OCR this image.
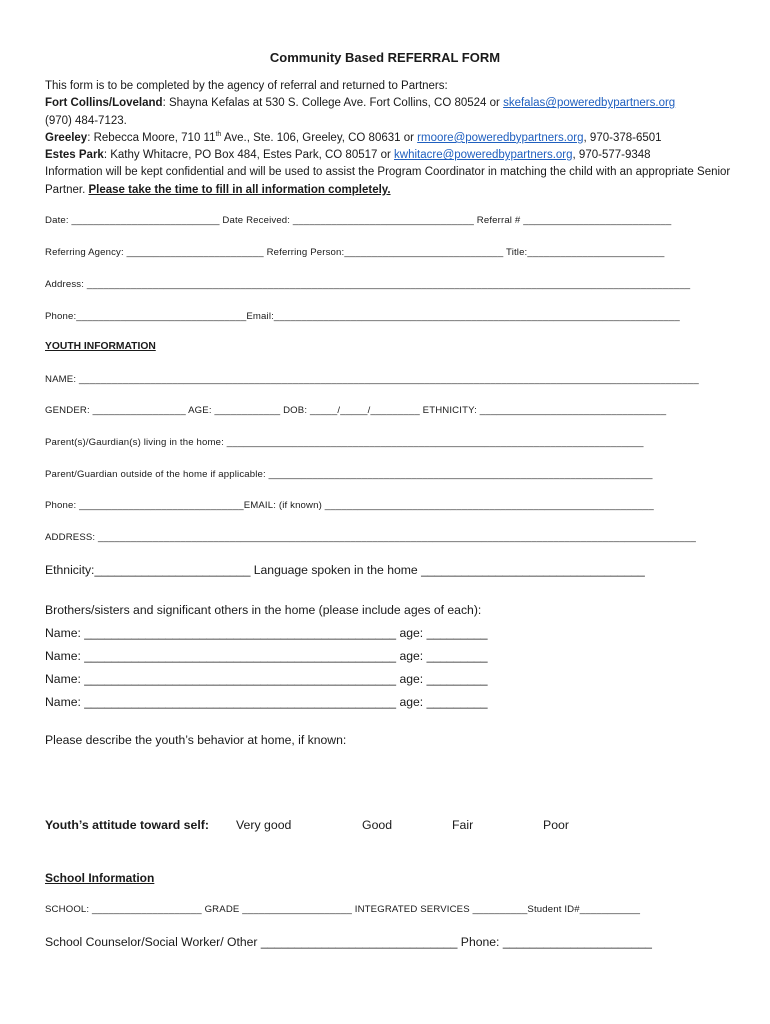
Community Based REFERRAL FORM
This form is to be completed by the agency of referral and returned to Partners:
Fort Collins/Loveland: Shayna Kefalas at 530 S. College Ave. Fort Collins, CO 80524 or skefalas@poweredbypartners.org
(970) 484-7123.
Greeley: Rebecca Moore, 710 11th Ave., Ste. 106, Greeley, CO 80631 or rmoore@poweredbypartners.org, 970-378-6501
Estes Park: Kathy Whitacre, PO Box 484, Estes Park, CO 80517 or kwhitacre@poweredbypartners.org, 970-577-9348
Information will be kept confidential and will be used to assist the Program Coordinator in matching the child with an appropriate Senior Partner. Please take the time to fill in all information completely.
Date: ___________________________ Date Received: _________________________________ Referral # ___________________________
Referring Agency: _________________________ Referring Person:_____________________________ Title:_________________________
Address: ______________________________________________________________________________________________________________
Phone:_______________________________Email:__________________________________________________________________________
YOUTH INFORMATION
NAME: _________________________________________________________________________________________________________________
GENDER: _________________ AGE: ____________ DOB: _____/_____/_________ ETHNICITY: __________________________________
Parent(s)/Gaurdian(s) living in the home: ____________________________________________________________________________
Parent/Guardian outside of the home if applicable: ______________________________________________________________________
Phone: ______________________________EMAIL: (if known) ____________________________________________________________
ADDRESS: _____________________________________________________________________________________________________________
Ethnicity:_______________________ Language spoken in the home _________________________________
Brothers/sisters and significant others in the home (please include ages of each):
Name: ______________________________________________ age: _________
Name: ______________________________________________ age: _________
Name: ______________________________________________ age: _________
Name: ______________________________________________ age: _________
Please describe the youth’s behavior at home, if known:
Youth’s attitude toward self: Very good	Good	Fair	Poor
School Information
SCHOOL: ____________________ GRADE ____________________ INTEGRATED SERVICES __________Student ID#___________
School Counselor/Social Worker/ Other _____________________________ Phone: ______________________
